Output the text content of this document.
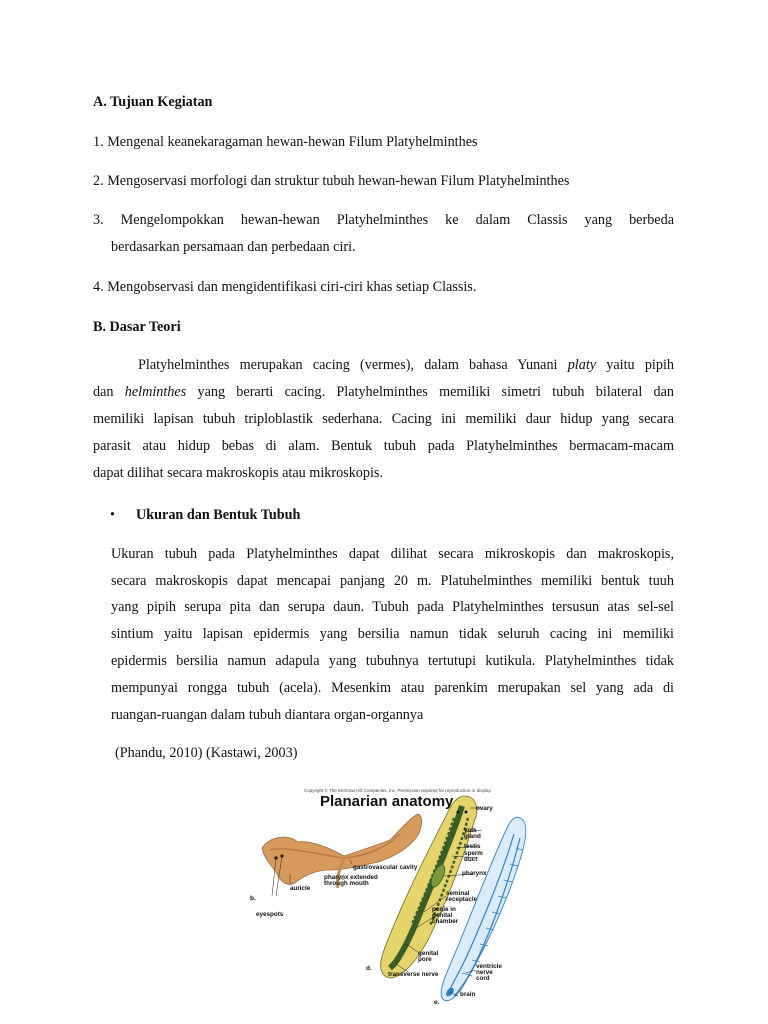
A. Tujuan Kegiatan
1. Mengenal keanekaragaman hewan-hewan Filum Platyhelminthes
2. Mengoservasi morfologi dan struktur tubuh hewan-hewan Filum Platyhelminthes
3. Mengelompokkan hewan-hewan Platyhelminthes ke dalam Classis yang berbeda
berdasarkan persamaan dan perbedaan ciri.
4. Mengobservasi dan mengidentifikasi ciri-ciri khas setiap Classis.
B. Dasar Teori
Platyhelminthes merupakan cacing (vermes), dalam bahasa Yunani platy yaitu pipih
dan helminthes yang berarti cacing. Platyhelminthes memiliki simetri tubuh bilateral dan
memiliki lapisan tubuh triploblastik sederhana. Cacing ini memiliki daur hidup yang secara
parasit atau hidup bebas di alam. Bentuk tubuh pada Platyhelminthes bermacam-macam
dapat dilihat secara makroskopis atau mikroskopis.
• Ukuran dan Bentuk Tubuh
Ukuran tubuh pada Platyhelminthes dapat dilihat secara mikroskopis dan makroskopis,
secara makroskopis dapat mencapai panjang 20 m. Platuhelminthes memiliki bentuk tuuh
yang pipih serupa pita dan serupa daun. Tubuh pada Platyhelminthes tersusun atas sel-sel
sintium yaitu lapisan epidermis yang bersilia namun tidak seluruh cacing ini memiliki
epidermis bersilia namun adapula yang tubuhnya tertutupi kutikula. Platyhelminthes tidak
mempunyai rongga tubuh (acela). Mesenkim atau parenkim merupakan sel yang ada di
ruangan-ruangan dalam tubuh diantara organ-organnya
(Phandu, 2010) (Kastawi, 2003)
Copyright © The McGraw-Hill Companies, Inc. Permission required for reproduction or display.
Planarian anatomy
gastrovascular cavity
pharynx extended
through mouth
auricle
b.
eyespots
ovary
yolk
gland
testis
sperm
duct
pharynx
seminal
receptacle
penis in
genital
chamber
genital
pore
d.
transverse nerve
ventricle
nerve
cord
brain
e.
